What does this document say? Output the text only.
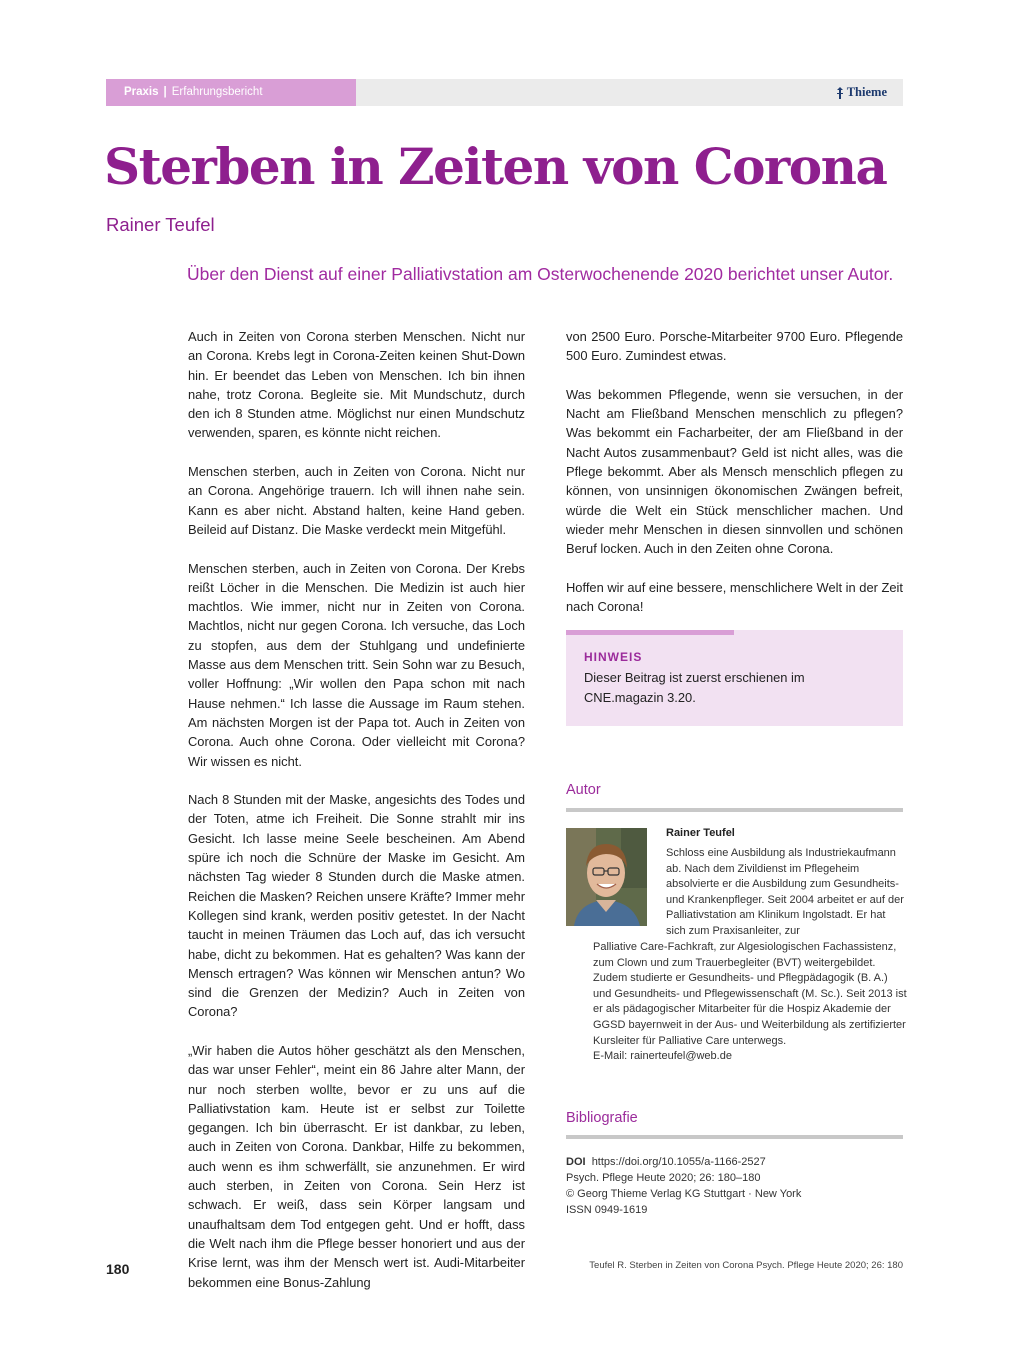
Praxis | Erfahrungsbericht	Thieme
Sterben in Zeiten von Corona
Rainer Teufel
Über den Dienst auf einer Palliativstation am Osterwochenende 2020 berichtet unser Autor.

Auch in Zeiten von Corona sterben Menschen. Nicht nur an Corona. Krebs legt in Corona-Zeiten keinen Shut-Down hin. Er beendet das Leben von Menschen. Ich bin ihnen nahe, trotz Corona. Begleite sie. Mit Mundschutz, durch den ich 8 Stunden atme. Möglichst nur einen Mundschutz verwenden, sparen, es könnte nicht reichen.

Menschen sterben, auch in Zeiten von Corona. Nicht nur an Corona. Angehörige trauern. Ich will ihnen nahe sein. Kann es aber nicht. Abstand halten, keine Hand geben. Beileid auf Distanz. Die Maske verdeckt mein Mitgefühl.

Menschen sterben, auch in Zeiten von Corona. Der Krebs reißt Löcher in die Menschen. Die Medizin ist auch hier machtlos. Wie immer, nicht nur in Zeiten von Corona. Machtlos, nicht nur gegen Corona. Ich versuche, das Loch zu stopfen, aus dem der Stuhlgang und undefinierte Masse aus dem Menschen tritt. Sein Sohn war zu Besuch, voller Hoffnung: „Wir wollen den Papa schon mit nach Hause nehmen.“ Ich lasse die Aussage im Raum stehen. Am nächsten Morgen ist der Papa tot. Auch in Zeiten von Corona. Auch ohne Corona. Oder vielleicht mit Corona? Wir wissen es nicht.

Nach 8 Stunden mit der Maske, angesichts des Todes und der Toten, atme ich Freiheit. Die Sonne strahlt mir ins Gesicht. Ich lasse meine Seele bescheinen. Am Abend spüre ich noch die Schnüre der Maske im Gesicht. Am nächsten Tag wieder 8 Stunden durch die Maske atmen. Reichen die Masken? Reichen unsere Kräfte? Immer mehr Kollegen sind krank, werden positiv getestet. In der Nacht taucht in meinen Träumen das Loch auf, das ich versucht habe, dicht zu bekommen. Hat es gehalten? Was kann der Mensch ertragen? Was können wir Menschen antun? Wo sind die Grenzen der Medizin? Auch in Zeiten von Corona?

„Wir haben die Autos höher geschätzt als den Menschen, das war unser Fehler“, meint ein 86 Jahre alter Mann, der nur noch sterben wollte, bevor er zu uns auf die Palliativstation kam. Heute ist er selbst zur Toilette gegangen. Ich bin überrascht. Er ist dankbar, zu leben, auch in Zeiten von Corona. Dankbar, Hilfe zu bekommen, auch wenn es ihm schwerfällt, sie anzunehmen. Er wird auch sterben, in Zeiten von Corona. Sein Herz ist schwach. Er weiß, dass sein Körper langsam und unaufhaltsam dem Tod entgegen geht. Und er hofft, dass die Welt nach ihm die Pflege besser honoriert und aus der Krise lernt, was ihm der Mensch wert ist. Audi-Mitarbeiter bekommen eine Bonus-Zahlung

von 2500 Euro. Porsche-Mitarbeiter 9700 Euro. Pflegende 500 Euro. Zumindest etwas.

Was bekommen Pflegende, wenn sie versuchen, in der Nacht am Fließband Menschen menschlich zu pflegen? Was bekommt ein Facharbeiter, der am Fließband in der Nacht Autos zusammenbaut? Geld ist nicht alles, was die Pflege bekommt. Aber als Mensch menschlich pflegen zu können, von unsinnigen ökonomischen Zwängen befreit, würde die Welt ein Stück menschlicher machen. Und wieder mehr Menschen in diesen sinnvollen und schönen Beruf locken. Auch in den Zeiten ohne Corona.

Hoffen wir auf eine bessere, menschlichere Welt in der Zeit nach Corona!

HINWEIS
Dieser Beitrag ist zuerst erschienen im CNE.magazin 3.20.
Autor
Rainer Teufel
Schloss eine Ausbildung als Industriekaufmann ab. Nach dem Zivildienst im Pflegeheim absolvierte er die Ausbildung zum Gesundheits- und Krankenpfleger. Seit 2004 arbeitet er auf der Palliativstation am Klinikum Ingolstadt. Er hat sich zum Praxisanleiter, zur
Palliative Care-Fachkraft, zur Algesiologischen Fachassistenz, zum Clown und zum Trauerbegleiter (BVT) weitergebildet. Zudem studierte er Gesundheits- und Pflegpädagogik (B. A.) und Gesundheits- und Pflegewissenschaft (M. Sc.). Seit 2013 ist er als pädagogischer Mitarbeiter für die Hospiz Akademie der GGSD bayernweit in der Aus- und Weiterbildung als zertifizierter Kursleiter für Palliative Care unterwegs.
E-Mail: rainerteufel@web.de
Bibliografie
DOI https://doi.org/10.1055/a-1166-2527
Psych. Pflege Heute 2020; 26: 180–180
© Georg Thieme Verlag KG Stuttgart · New York
ISSN 0949-1619
180	Teufel R. Sterben in Zeiten von Corona Psych. Pflege Heute 2020; 26: 180
